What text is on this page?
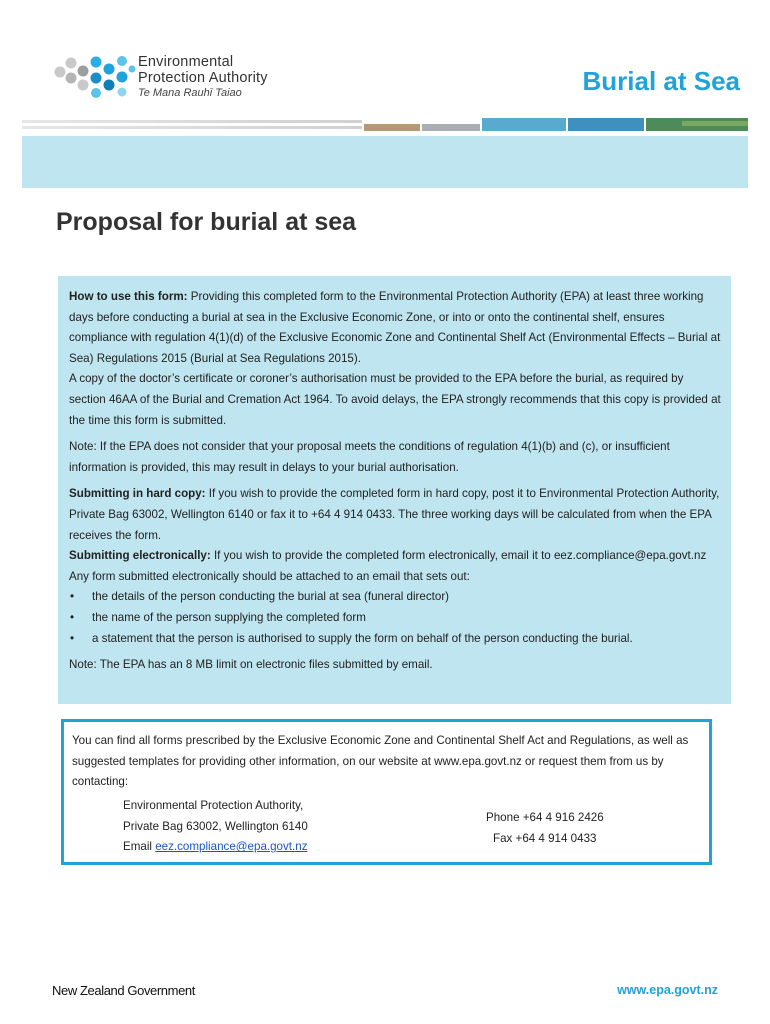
Environmental
Protection Authority
Te Mana Rauhī Taiao	Burial at Sea
Proposal for burial at sea

How to use this form: Providing this completed form to the Environmental Protection Authority (EPA) at least three working days before conducting a burial at sea in the Exclusive Economic Zone, or into or onto the continental shelf, ensures compliance with regulation 4(1)(d) of the Exclusive Economic Zone and Continental Shelf Act (Environmental Effects – Burial at Sea) Regulations 2015 (Burial at Sea Regulations 2015).

A copy of the doctor’s certificate or coroner’s authorisation must be provided to the EPA before the burial, as required by section 46AA of the Burial and Cremation Act 1964. To avoid delays, the EPA strongly recommends that this copy is provided at the time this form is submitted.

Note: If the EPA does not consider that your proposal meets the conditions of regulation 4(1)(b) and (c), or insufficient information is provided, this may result in delays to your burial authorisation.

Submitting in hard copy: If you wish to provide the completed form in hard copy, post it to Environmental Protection Authority, Private Bag 63002, Wellington 6140 or fax it to +64 4 914 0433. The three working days will be calculated from when the EPA receives the form.

Submitting electronically: If you wish to provide the completed form electronically, email it to eez.compliance@epa.govt.nz

Any form submitted electronically should be attached to an email that sets out:

• the details of the person conducting the burial at sea (funeral director)
• the name of the person supplying the completed form
• a statement that the person is authorised to supply the form on behalf of the person conducting the burial.

Note: The EPA has an 8 MB limit on electronic files submitted by email.

You can find all forms prescribed by the Exclusive Economic Zone and Continental Shelf Act and Regulations, as well as suggested templates for providing other information, on our website at www.epa.govt.nz or request them from us by contacting:

Environmental Protection Authority,
Private Bag 63002, Wellington 6140
Email eez.compliance@epa.govt.nz
Phone +64 4 916 2426
Fax +64 4 914 0433
New Zealand Government	www.epa.govt.nz
